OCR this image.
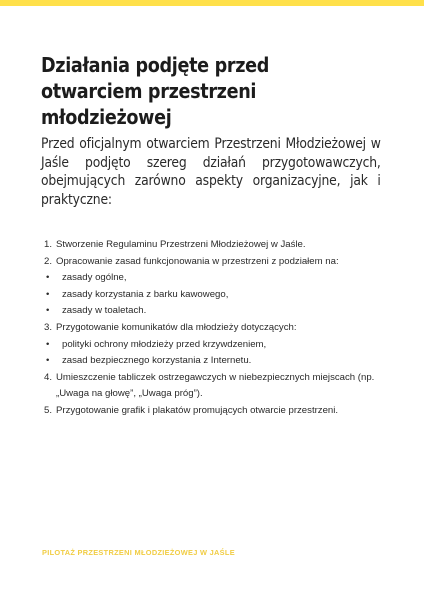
Działania podjęte przed otwarciem przestrzeni młodzieżowej

Przed oficjalnym otwarciem Przestrzeni Młodzieżowej w Jaśle podjęto szereg działań przygotowawczych, obejmujących zarówno aspekty organizacyjne, jak i praktyczne:

1. Stworzenie Regulaminu Przestrzeni Młodzieżowej w Jaśle.
2. Opracowanie zasad funkcjonowania w przestrzeni z podziałem na:
•	zasady ogólne,
•	zasady korzystania z barku kawowego,
•	zasady w toaletach.
3. Przygotowanie komunikatów dla młodzieży dotyczących:
•	polityki ochrony młodzieży przed krzywdzeniem,
•	zasad bezpiecznego korzystania z Internetu.
4. Umieszczenie tabliczek ostrzegawczych w niebezpiecznych miejscach (np. „Uwaga na głowę”, „Uwaga próg”).
5. Przygotowanie grafik i plakatów promujących otwarcie przestrzeni.

PILOTAŻ PRZESTRZENI MŁODZIEŻOWEJ W JAŚLE
